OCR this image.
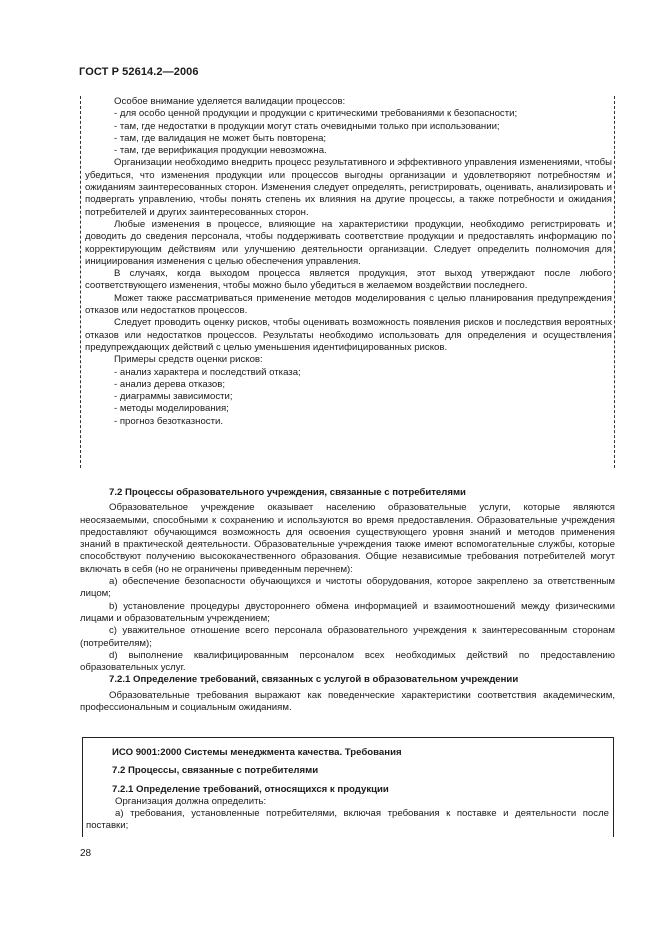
ГОСТ Р 52614.2—2006

Особое внимание уделяется валидации процессов:

- для особо ценной продукции и продукции с критическими требованиями к безопасности;

- там, где недостатки в продукции могут стать очевидными только при использовании;

- там, где валидация не может быть повторена;

- там, где верификация продукции невозможна.

Организации необходимо внедрить процесс результативного и эффективного управления изменениями, чтобы убедиться, что изменения продукции или процессов выгодны организации и удовлетворяют потребностям и ожиданиям заинтересованных сторон. Изменения следует определять, регистрировать, оценивать, анализировать и подвергать управлению, чтобы понять степень их влияния на другие процессы, а также потребности и ожидания потребителей и других заинтересованных сторон.

Любые изменения в процессе, влияющие на характеристики продукции, необходимо регистрировать и доводить до сведения персонала, чтобы поддерживать соответствие продукции и предоставлять информацию по корректирующим действиям или улучшению деятельности организации. Следует определить полномочия для инициирования изменения с целью обеспечения управления.

В случаях, когда выходом процесса является продукция, этот выход утверждают после любого соответствующего изменения, чтобы можно было убедиться в желаемом воздействии последнего.

Может также рассматриваться применение методов моделирования с целью планирования предупреждения отказов или недостатков процессов.

Следует проводить оценку рисков, чтобы оценивать возможность появления рисков и последствия вероятных отказов или недостатков процессов. Результаты необходимо использовать для определения и осуществления предупреждающих действий с целью уменьшения идентифицированных рисков.

Примеры средств оценки рисков:

- анализ характера и последствий отказа;

- анализ дерева отказов;

- диаграммы зависимости;

- методы моделирования;

- прогноз безотказности.

7.2 Процессы образовательного учреждения, связанные с потребителями

Образовательное учреждение оказывает населению образовательные услуги, которые являются неосязаемыми, способными к сохранению и используются во время предоставления. Образовательные учреждения предоставляют обучающимся возможность для освоения существующего уровня знаний и методов применения знаний в практической деятельности. Образовательные учреждения также имеют вспомогательные службы, которые способствуют получению высококачественного образования. Общие независимые требования потребителей могут включать в себя (но не ограничены приведенным перечнем):

a) обеспечение безопасности обучающихся и чистоты оборудования, которое закреплено за ответственным лицом;

b) установление процедуры двустороннего обмена информацией и взаимоотношений между физическими лицами и образовательным учреждением;

c) уважительное отношение всего персонала образовательного учреждения к заинтересованным сторонам (потребителям);

d) выполнение квалифицированным персоналом всех необходимых действий по предоставлению образовательных услуг.

7.2.1 Определение требований, связанных с услугой в образовательном учреждении

Образовательные требования выражают как поведенческие характеристики соответствия академическим, профессиональным и социальным ожиданиям.

ИСО 9001:2000 Системы менеджмента качества. Требования

7.2 Процессы, связанные с потребителями

7.2.1 Определение требований, относящихся к продукции

Организация должна определить:

a) требования, установленные потребителями, включая требования к поставке и деятельности после поставки;

28
